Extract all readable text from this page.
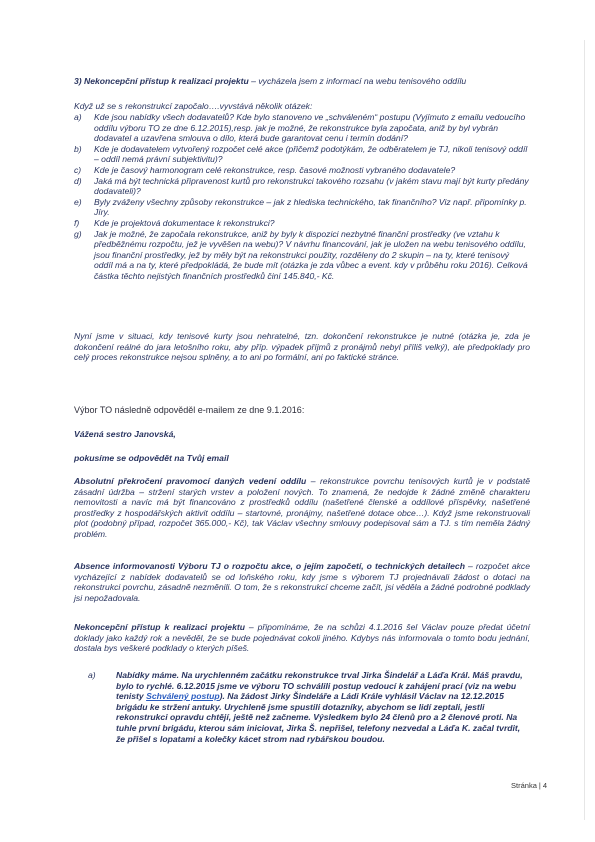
3) Nekoncepční přístup k realizaci projektu – vycházela jsem z informací na webu tenisového oddílu
Když už se s rekonstrukcí započalo….vyvstává několik otázek:
a) Kde jsou nabídky všech dodavatelů? Kde bylo stanoveno ve „schváleném“ postupu (Vyjímuto z emailu vedoucího oddílu výboru TO ze dne 6.12.2015),resp. jak je možné, že rekonstrukce byla započata, aniž by byl vybrán dodavatel a uzavřena smlouva o dílo, která bude garantovat cenu i termín dodání?
b) Kde je dodavatelem vytvořený rozpočet celé akce (přičemž podotýkám, že odběratelem je TJ, nikoli tenisový oddíl – oddíl nemá právní subjektivitu)?
c) Kde je časový harmonogram celé rekonstrukce, resp. časové možnosti vybraného dodavatele?
d) Jaká má být technická připravenost kurtů pro rekonstrukci takového rozsahu (v jakém stavu mají být kurty předány dodavateli)?
e) Byly zváženy všechny způsoby rekonstrukce – jak z hlediska technického, tak finančního? Viz např. připomínky p. Jíry.
f) Kde je projektová dokumentace k rekonstrukci?
g) Jak je možné, že započala rekonstrukce, aniž by byly k dispozici nezbytné finanční prostředky (ve vztahu k předběžnému rozpočtu, jež je vyvěšen na webu)? V návrhu financování, jak je uložen na webu tenisového oddílu, jsou finanční prostředky, jež by měly být na rekonstrukci použity, rozděleny do 2 skupin – na ty, které tenisový oddíl má a na ty, které předpokládá, že bude mít (otázka je zda vůbec a event. kdy v průběhu roku 2016). Celková částka těchto nejistých finančních prostředků činí 145.840,- Kč.
Nyní jsme v situaci, kdy tenisové kurty jsou nehratelné, tzn. dokončení rekonstrukce je nutné (otázka je, zda je dokončení reálné do jara letošního roku, aby příp. výpadek příjmů z pronájmů nebyl příliš velký), ale předpoklady pro celý proces rekonstrukce nejsou splněny, a to ani po formální, ani po faktické stránce.
Výbor TO následně odpověděl e-mailem ze dne 9.1.2016:
Vážená sestro Janovská,
pokusíme se odpovědět na Tvůj email
Absolutní překročení pravomocí daných vedení oddílu – rekonstrukce povrchu tenisových kurtů je v podstatě zásadní údržba – stržení starých vrstev a položení nových. To znamená, že nedojde k žádné změně charakteru nemovitosti a navíc má být financováno z prostředků oddílu (našetřené členské a oddílové příspěvky, našetřené prostředky z hospodářských aktivit oddílu – startovné, pronájmy, našetřené dotace obce…). Když jsme rekonstruovali plot (podobný případ, rozpočet 365.000,- Kč), tak Václav všechny smlouvy podepisoval sám a TJ. s tím neměla žádný problém.
Absence informovanosti Výboru TJ o rozpočtu akce, o jejím započetí, o technických detailech – rozpočet akce vycházející z nabídek dodavatelů se od loňského roku, kdy jsme s výborem TJ projednávali žádost o dotaci na rekonstrukci povrchu, zásadně nezměnili. O tom, že s rekonstrukcí chceme začít, jsi věděla a žádné podrobné podklady jsi nepožadovala.
Nekoncepční přístup k realizaci projektu – připomínáme, že na schůzi 4.1.2016 šel Václav pouze předat účetní doklady jako každý rok a nevěděl, že se bude pojednávat cokoli jiného. Kdybys nás informovala o tomto bodu jednání, dostala bys veškeré podklady o kterých píšeš.
a) Nabídky máme. Na urychlenném začátku rekonstrukce trval Jirka Šindelář a Láďa Král. Máš pravdu, bylo to rychlé. 6.12.2015 jsme ve výboru TO schválili postup vedoucí k zahájení prací (viz na webu tenisty Schválený postup). Na žádost Jirky Šindeláře a Ládi Krále vyhlásil Václav na 12.12.2015 brigádu ke stržení antuky. Urychleně jsme spustili dotazníky, abychom se lidí zeptali, jestli rekonstrukci opravdu chtějí, ještě než začneme. Výsledkem bylo 24 členů pro a 2 členové proti. Na tuhle první brigádu, kterou sám iniciovat, Jirka Š. nepřišel, telefony nezvedal a Láďa K. začal tvrdit, že přišel s lopatami a kolečky kácet strom nad rybářskou boudou.
Stránka | 4
